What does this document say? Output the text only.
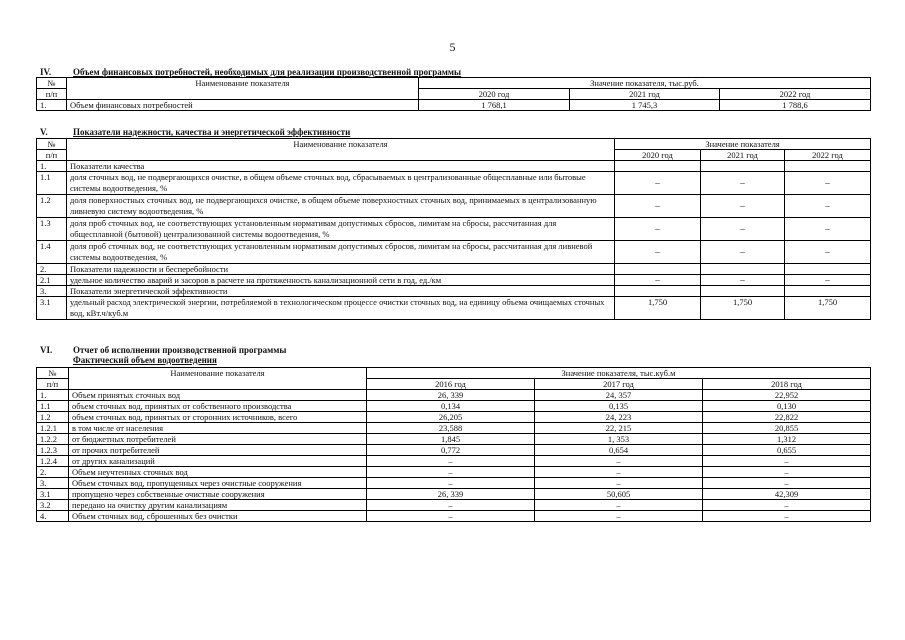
5
IV. Объем финансовых потребностей, необходимых для реализации производственной программы
№	Наименование показателя	Значение показателя, тыс.руб.		
п/п		2020 год	2021 год	2022 год
1.	Объем финансовых потребностей	1 768,1	1 745,3	1 788,6
V.	Показатели надежности, качества и энергетической эффективности
№	Наименование показателя	Значение показателя		
п/п		2020 год	2021 год	2022 год
1.	Показатели качества			
1.1	доля сточных вод, не подвергающихся очистке, в общем объеме сточных вод, сбрасываемых в централизованные общесплавные или бытовые системы водоотведения, %	–	–	–
1.2	доля поверхностных сточных вод, не подвергающихся очистке, в общем объеме поверхностных сточных вод, принимаемых в централизованную ливневую систему водоотведения, %	–	–	–
1.3	доля проб сточных вод, не соответствующих установленным нормативам допустимых сбросов, лимитам на сбросы, рассчитанная для общесплавной (бытовой) централизованной системы водоотведения, %	–	–	–
1.4	доля проб сточных вод, не соответствующих установленным нормативам допустимых сбросов, лимитам на сбросы, рассчитанная для ливневой системы водоотведения, %	–	–	–
2.	Показатели надежности и бесперебойности			
2.1	удельное количество аварий и засоров в расчете на протяженность канализационной сети в год, ед./км	–	–	–
3.	Показатели энергетической эффективности			
3.1	удельный расход электрической энергии, потребляемой в технологическом процессе очистки сточных вод, на единицу объема очищаемых сточных вод, кВт.ч/куб.м	1,750	1,750	1,750
VI. Отчет об исполнении производственной программы
Фактический объем водоотведения
№	Наименование показателя	Значение показателя, тыс.куб.м		
п/п		2016 год	2017 год	2018 год
1.	Объем принятых сточных вод	26, 339	24, 357	22,952
1.1	объем сточных вод, принятых от собственного производства	0,134	0,135	0,130
1.2	объем сточных вод, принятых от сторонних источников, всего	26,205	24, 223	22,822
1.2.1	в том числе от населения	23,588	22, 215	20,855
1.2.2	от бюджетных потребителей	1,845	1, 353	1,312
1.2.3	от прочих потребителей	0,772	0,654	0,655
1.2.4	от других канализаций	–	–	–
2.	Объем неучтенных сточных вод	–	–	–
3.	Объем сточных вод, пропущенных через очистные сооружения	–	–	–
3.1	пропущено через собственные очистные сооружения	26, 339	50,605	42,309
3.2	передано на очистку другим канализациям	–	–	–
4.	Объем сточных вод, сброшенных без очистки	–	–	–
